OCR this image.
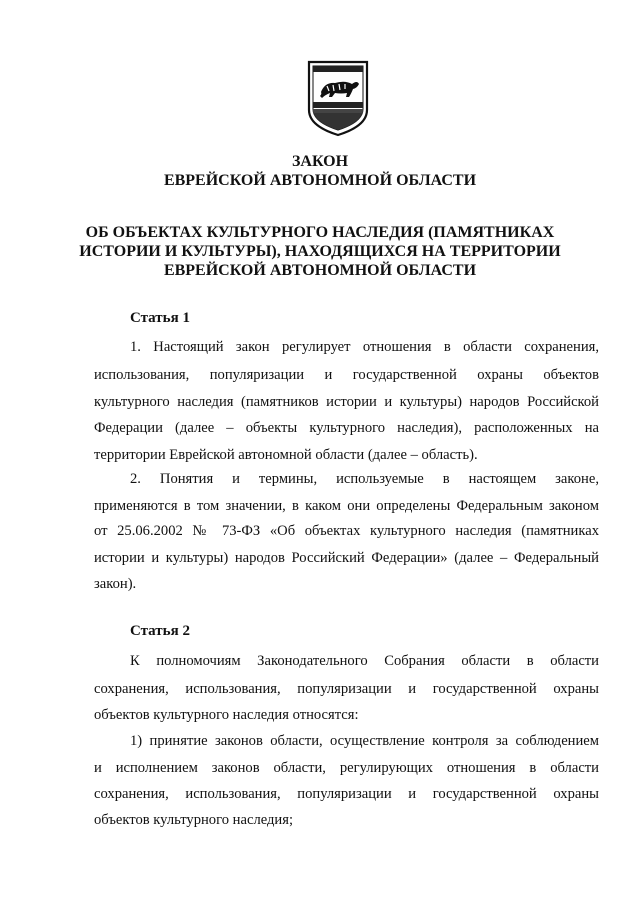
ЗАКОН
ЕВРЕЙСКОЙ АВТОНОМНОЙ ОБЛАСТИ
ОБ ОБЪЕКТАХ КУЛЬТУРНОГО НАСЛЕДИЯ (ПАМЯТНИКАХ
ИСТОРИИ И КУЛЬТУРЫ), НАХОДЯЩИХСЯ НА ТЕРРИТОРИИ
ЕВРЕЙСКОЙ АВТОНОМНОЙ ОБЛАСТИ
Статья 1
1. Настоящий закон регулирует отношения в области сохранения,
использования, популяризации и государственной охраны объектов
культурного наследия (памятников истории и культуры) народов Российской
Федерации (далее – объекты культурного наследия), расположенных на
территории Еврейской автономной области (далее – область).
2. Понятия и термины, используемые в настоящем законе,
применяются в том значении, в каком они определены Федеральным законом
от 25.06.2002 № 73-ФЗ «Об объектах культурного наследия (памятниках
истории и культуры) народов Российский Федерации» (далее – Федеральный
закон).
Статья 2
К полномочиям Законодательного Собрания области в области
сохранения, использования, популяризации и государственной охраны
объектов культурного наследия относятся:
1) принятие законов области, осуществление контроля за соблюдением
и исполнением законов области, регулирующих отношения в области
сохранения, использования, популяризации и государственной охраны
объектов культурного наследия;
